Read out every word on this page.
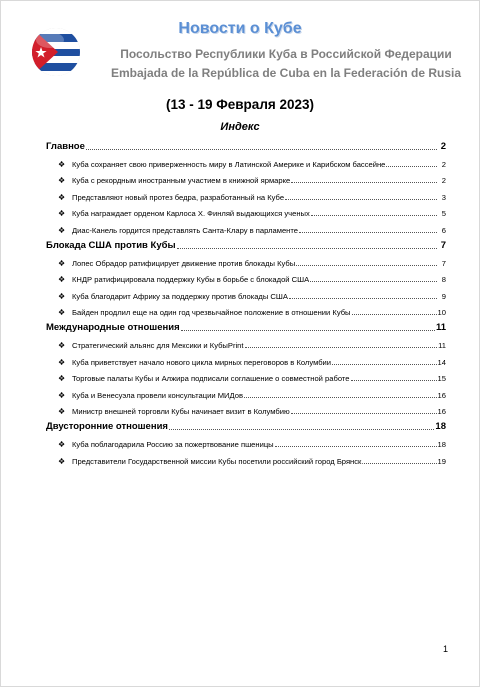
Новости о Кубе
Посольство Республики Куба в Российской Федерации
Embajada de la República de Cuba en la Federación de Rusia
(13 - 19 Февраля 2023)
Индекс
Главное	2
❖ Куба сохраняет свою приверженность миру в Латинской Америке и Карибском бассейне	2
❖ Куба с рекордным иностранным участием в книжной ярмарке	2
❖ Представляют новый протез бедра, разработанный на Кубе	3
❖ Куба награждает орденом Карлоса Х. Финляй выдающихся ученых	5
❖ Диас-Канель гордится представлять Санта-Клару в парламенте	6
Блокада США против Кубы	7
❖ Лопес Обрадор ратифицирует движение против блокады Кубы	7
❖ КНДР ратифицировала поддержку Кубы в борьбе с блокадой США	8
❖ Куба благодарит Африку за поддержку против блокады США	9
❖ Байден продлил еще на один год чрезвычайное положение в отношении Кубы	10
Международные отношения	11
❖ Стратегический альянс для Мексики и КубыPrint	11
❖ Куба приветствует начало нового цикла мирных переговоров в Колумбии	14
❖ Торговые палаты Кубы и Алжира подписали соглашение о совместной работе	15
❖ Куба и Венесуэла провели консультации МИДов	16
❖ Министр внешней торговли Кубы начинает визит в Колумбию	16
Двусторонние отношения	18
❖ Куба поблагодарила Россию за пожертвование пшеницы	18
❖ Представители Государственной миссии Кубы посетили российский город Брянск.	19
1
